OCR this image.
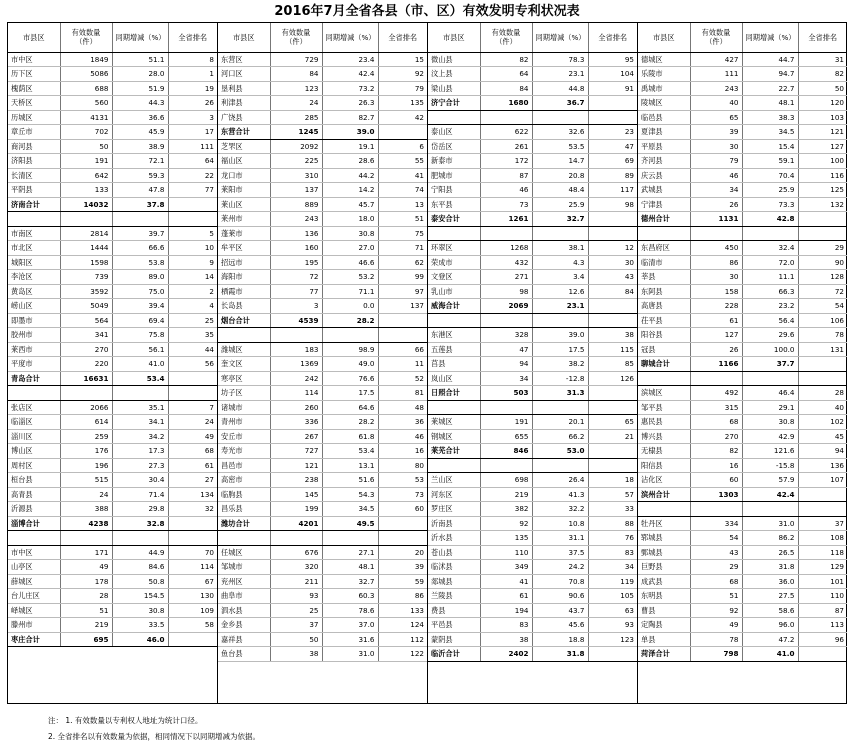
2016年7月全省各县（市、区）有效发明专利状况表
市县区	有效数量（件）	同期增减（%）	全省排名
市中区	1849	51.1	8
历下区	5086	28.0	1
槐荫区	688	51.9	19
天桥区	560	44.3	26
历城区	4131	36.6	3
章丘市	702	45.9	17
商河县	50	38.9	111
济阳县	191	72.1	64
长清区	642	59.3	22
平阴县	133	47.8	77
济南合计	14032	37.8	

市南区	2814	39.7	5
市北区	1444	66.6	10
城阳区	1598	53.8	9
李沧区	739	89.0	14
黄岛区	3592	75.0	2
崂山区	5049	39.4	4
即墨市	564	69.4	25
胶州市	341	75.8	35
莱西市	270	56.1	44
平度市	220	41.0	56
青岛合计	16631	53.4	

张店区	2066	35.1	7
临淄区	614	34.1	24
淄川区	259	34.2	49
博山区	176	17.3	68
周村区	196	27.3	61
桓台县	515	30.4	27
高青县	24	71.4	134
沂源县	388	29.8	32
淄博合计	4238	32.8	

市中区	171	44.9	70
山亭区	49	84.6	114
薛城区	178	50.8	67
台儿庄区	28	154.5	130
峄城区	51	30.8	109
滕州市	219	33.5	58
枣庄合计	695	46.0	
市县区	有效数量（件）	同期增减（%）	全省排名
东营区	729	23.4	15
河口区	84	42.4	92
垦利县	123	73.2	79
利津县	24	26.3	135
广饶县	285	82.7	42
东营合计	1245	39.0	
芝罘区	2092	19.1	6
福山区	225	28.6	55
龙口市	310	44.2	41
莱阳市	137	14.2	74
莱山区	889	45.7	13
莱州市	243	18.0	51
蓬莱市	136	30.8	75
牟平区	160	27.0	71
招远市	195	46.6	62
海阳市	72	53.2	99
栖霞市	77	71.1	97
长岛县	3	0.0	137
烟台合计	4539	28.2	

潍城区	183	98.9	66
奎文区	1369	49.0	11
寒亭区	242	76.6	52
坊子区	114	17.5	81
诸城市	260	64.6	48
青州市	336	28.2	36
安丘市	267	61.8	46
寿光市	727	53.4	16
昌邑市	121	13.1	80
高密市	238	51.6	53
临朐县	145	54.3	73
昌乐县	199	34.5	60
潍坊合计	4201	49.5	

任城区	676	27.1	20
邹城市	320	48.1	39
兖州区	211	32.7	59
曲阜市	93	60.3	86
泗水县	25	78.6	133
金乡县	37	37.0	124
嘉祥县	50	31.6	112
鱼台县	38	31.0	122
市县区	有效数量（件）	同期增减（%）	全省排名
微山县	82	78.3	95
汶上县	64	23.1	104
梁山县	84	44.8	91
济宁合计	1680	36.7	

泰山区	622	32.6	23
岱岳区	261	53.5	47
新泰市	172	14.7	69
肥城市	87	20.8	89
宁阳县	46	48.4	117
东平县	73	25.9	98
泰安合计	1261	32.7	

环翠区	1268	38.1	12
荣成市	432	4.3	30
文登区	271	3.4	43
乳山市	98	12.6	84
威海合计	2069	23.1	

东港区	328	39.0	38
五莲县	47	17.5	115
莒县	94	38.2	85
岚山区	34	-12.8	126
日照合计	503	31.3	

莱城区	191	20.1	65
钢城区	655	66.2	21
莱芜合计	846	53.0	

兰山区	698	26.4	18
河东区	219	41.3	57
罗庄区	382	32.2	33
沂南县	92	10.8	88
沂水县	135	31.1	76
苍山县	110	37.5	83
临沭县	349	24.2	34
郯城县	41	70.8	119
兰陵县	61	90.6	105
费县	194	43.7	63
平邑县	83	45.6	93
蒙阴县	38	18.8	123
临沂合计	2402	31.8	
市县区	有效数量（件）	同期增减（%）	全省排名
德城区	427	44.7	31
乐陵市	111	94.7	82
禹城市	243	22.7	50
陵城区	40	48.1	120
临邑县	65	38.3	103
夏津县	39	34.5	121
平原县	30	15.4	127
齐河县	79	59.1	100
庆云县	46	70.4	116
武城县	34	25.9	125
宁津县	26	73.3	132
德州合计	1131	42.8	

东昌府区	450	32.4	29
临清市	86	72.0	90
莘县	30	11.1	128
东阿县	158	66.3	72
高唐县	228	23.2	54
茌平县	61	56.4	106
阳谷县	127	29.6	78
冠县	26	100.0	131
聊城合计	1166	37.7	

滨城区	492	46.4	28
邹平县	315	29.1	40
惠民县	68	30.8	102
博兴县	270	42.9	45
无棣县	82	121.6	94
阳信县	16	-15.8	136
沾化区	60	57.9	107
滨州合计	1303	42.4	

牡丹区	334	31.0	37
郓城县	54	86.2	108
鄄城县	43	26.5	118
巨野县	29	31.8	129
成武县	68	36.0	101
东明县	51	27.5	110
曹县	92	58.6	87
定陶县	49	96.0	113
单县	78	47.2	96
菏泽合计	798	41.0	
注： 1. 有效数量以专利权人地址为统计口径。
2. 全省排名以有效数量为依据，相同情况下以同期增减为依据。
